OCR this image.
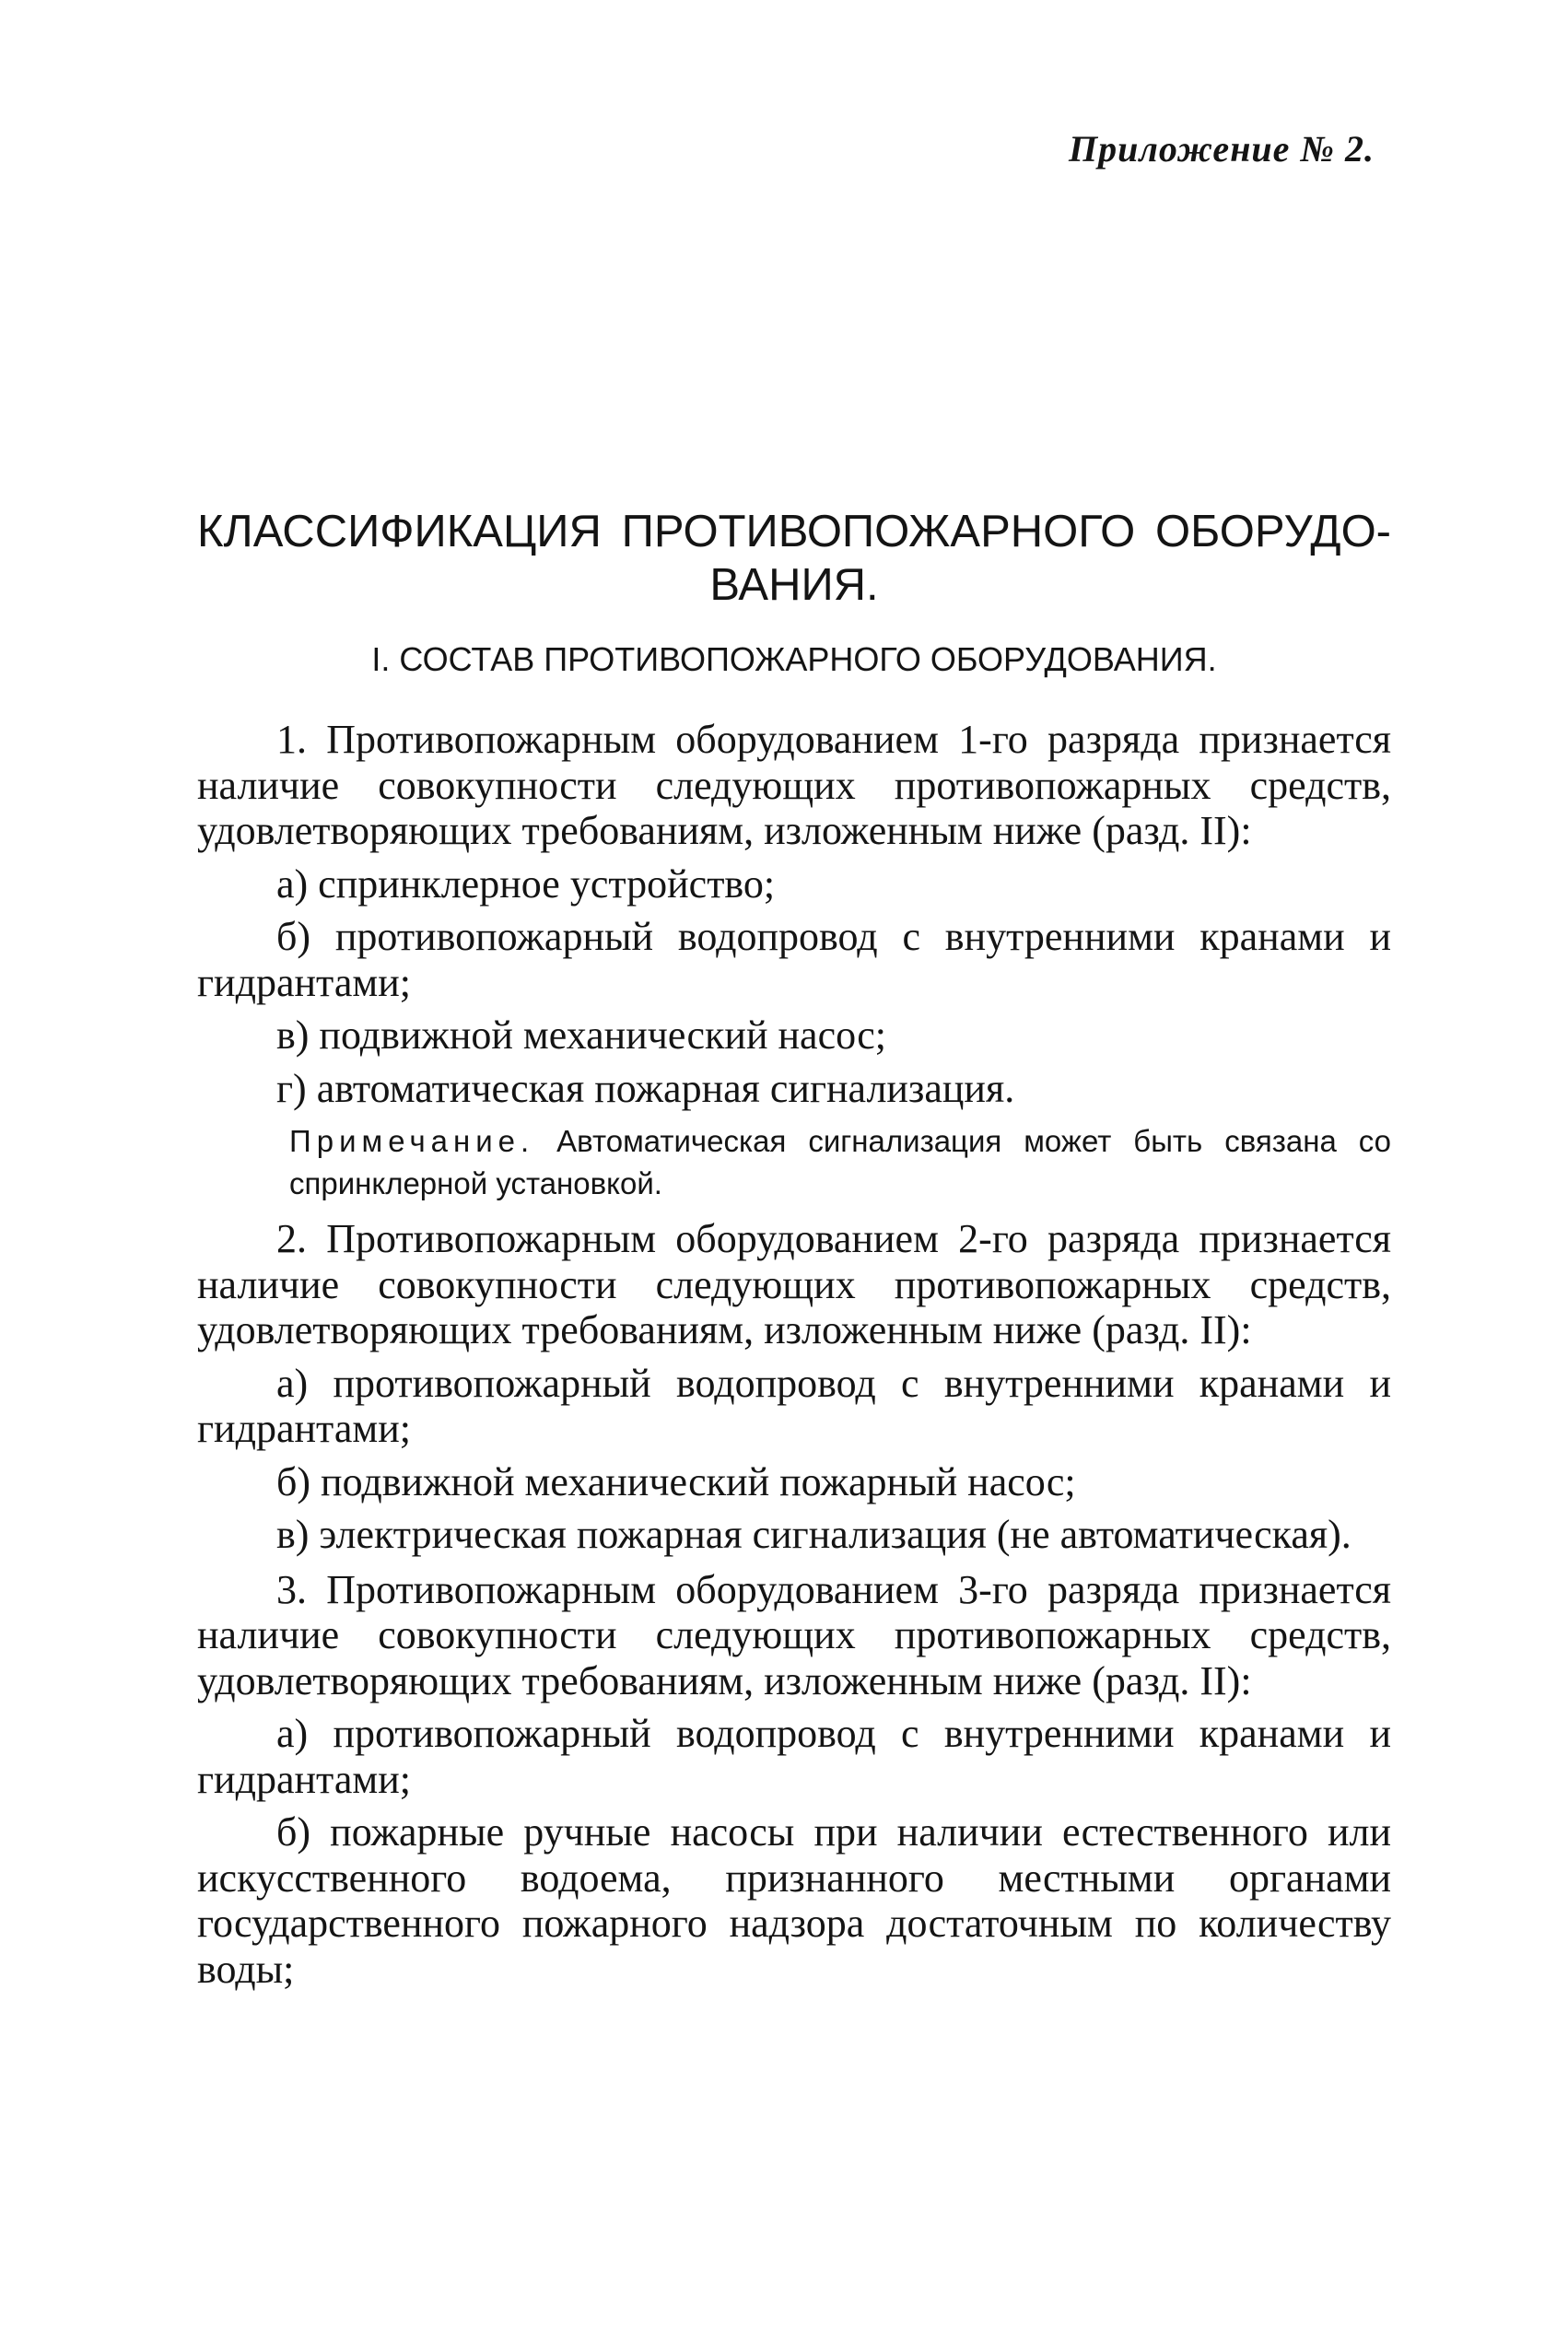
Приложение № 2.
КЛАССИФИКАЦИЯ ПРОТИВОПОЖАРНОГО ОБОРУДО-
ВАНИЯ.
I. СОСТАВ ПРОТИВОПОЖАРНОГО ОБОРУДОВАНИЯ.

1. Противопожарным оборудованием 1-го разряда признается наличие совокупности следующих противопожарных средств, удовлетворяющих требованиям, изложенным ниже (разд. II):

а) спринклерное устройство;

б) противопожарный водопровод с внутренними кранами и гидрантами;

в) подвижной механический насос;

г) автоматическая пожарная сигнализация.

Примечание. Автоматическая сигнализация может быть связана со спринклерной установкой.

2. Противопожарным оборудованием 2-го разряда признается наличие совокупности следующих противопожарных средств, удовлетворяющих требованиям, изложенным ниже (разд. II):

а) противопожарный водопровод с внутренними кранами и гидрантами;

б) подвижной механический пожарный насос;

в) электрическая пожарная сигнализация (не автоматическая).

3. Противопожарным оборудованием 3-го разряда признается наличие совокупности следующих противопожарных средств, удовлетворяющих требованиям, изложенным ниже (разд. II):

а) противопожарный водопровод с внутренними кранами и гидрантами;

б) пожарные ручные насосы при наличии естественного или искусственного водоема, признанного местными органами государственного пожарного надзора достаточным по количеству воды;
